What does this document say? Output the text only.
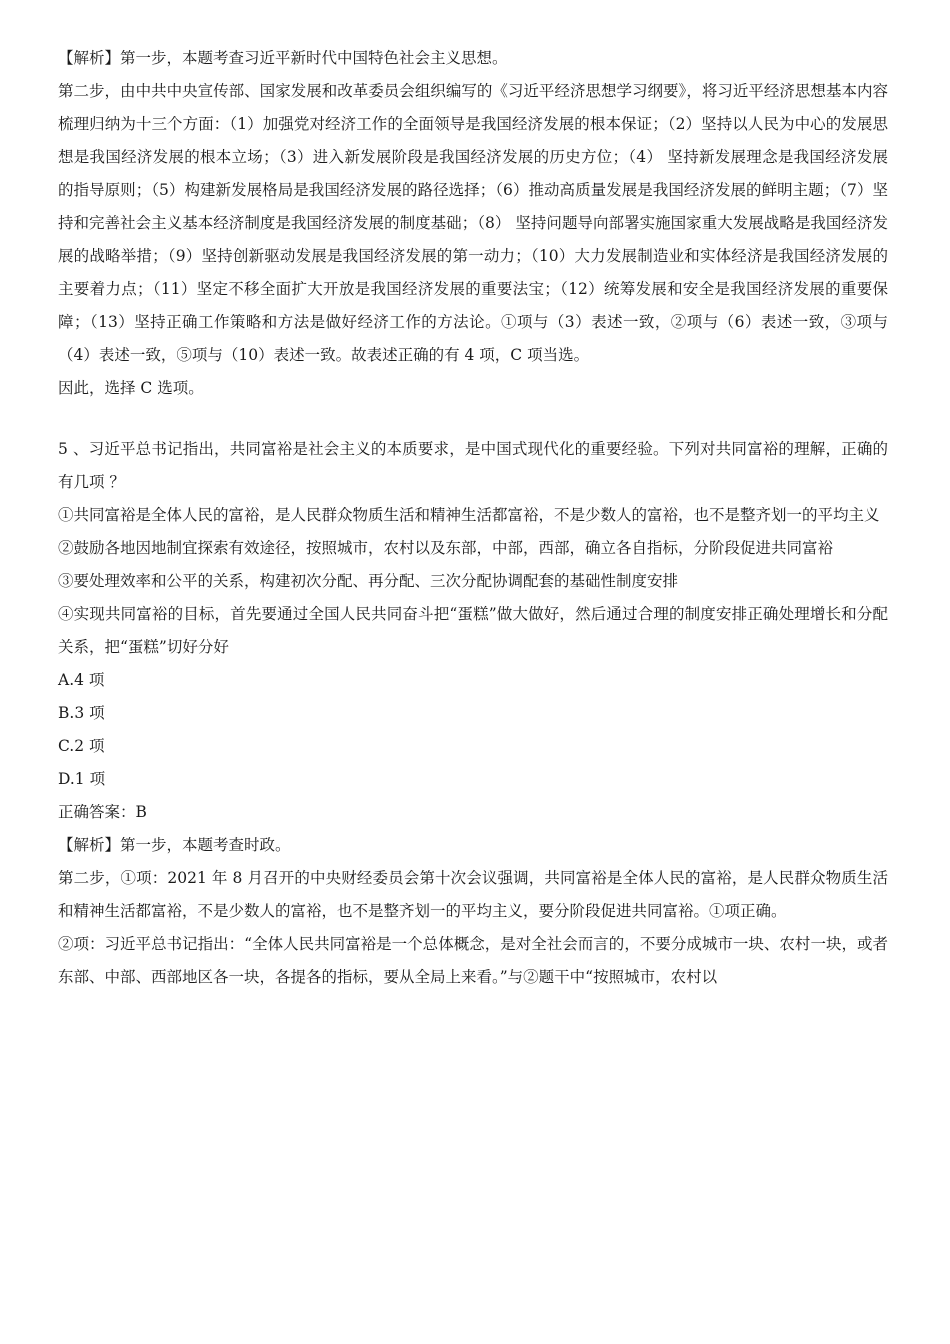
【解析】第一步，本题考查习近平新时代中国特色社会主义思想。

第二步，由中共中央宣传部、国家发展和改革委员会组织编写的《习近平经济思想学习纲要》，将习近平经济思想基本内容梳理归纳为十三个方面：（1）加强党对经济工作的全面领导是我国经济发展的根本保证；（2）坚持以人民为中心的发展思想是我国经济发展的根本立场；（3）进入新发展阶段是我国经济发展的历史方位；（4） 坚持新发展理念是我国经济发展的指导原则；（5）构建新发展格局是我国经济发展的路径选择；（6）推动高质量发展是我国经济发展的鲜明主题；（7）坚持和完善社会主义基本经济制度是我国经济发展的制度基础；（8） 坚持问题导向部署实施国家重大发展战略是我国经济发展的战略举措；（9）坚持创新驱动发展是我国经济发展的第一动力；（10）大力发展制造业和实体经济是我国经济发展的主要着力点；（11）坚定不移全面扩大开放是我国经济发展的重要法宝；（12）统筹发展和安全是我国经济发展的重要保障；（13）坚持正确工作策略和方法是做好经济工作的方法论。①项与（3）表述一致，②项与（6）表述一致，③项与（4）表述一致，⑤项与（10）表述一致。故表述正确的有 4 项，C 项当选。

因此，选择 C 选项。

5 、习近平总书记指出，共同富裕是社会主义的本质要求，是中国式现代化的重要经验。下列对共同富裕的理解，正确的有几项 ？

①共同富裕是全体人民的富裕，是人民群众物质生活和精神生活都富裕，不是少数人的富裕，也不是整齐划一的平均主义

②鼓励各地因地制宜探索有效途径，按照城市，农村以及东部，中部，西部，确立各自指标，分阶段促进共同富裕

③要处理效率和公平的关系，构建初次分配、再分配、三次分配协调配套的基础性制度安排

④实现共同富裕的目标，首先要通过全国人民共同奋斗把“蛋糕”做大做好，然后通过合理的制度安排正确处理增长和分配关系，把“蛋糕”切好分好

A.4 项

B.3 项

C.2 项

D.1 项

正确答案：B

【解析】第一步，本题考查时政。

第二步，①项：2021 年 8 月召开的中央财经委员会第十次会议强调，共同富裕是全体人民的富裕，是人民群众物质生活和精神生活都富裕，不是少数人的富裕，也不是整齐划一的平均主义，要分阶段促进共同富裕。①项正确。

②项：习近平总书记指出：“全体人民共同富裕是一个总体概念，是对全社会而言的，不要分成城市一块、农村一块，或者东部、中部、西部地区各一块，各提各的指标，要从全局上来看。”与②题干中“按照城市，农村以
